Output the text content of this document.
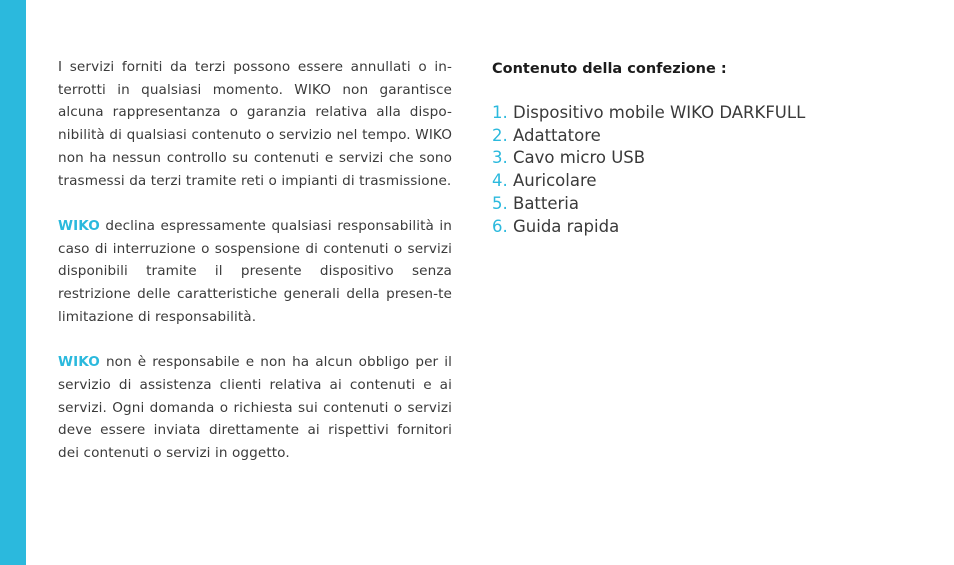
I servizi forniti da terzi possono essere annullati o in-terrotti in qualsiasi momento. WIKO non garantisce alcuna rappresentanza o garanzia relativa alla dispo-nibilità di qualsiasi contenuto o servizio nel tempo. WIKO non ha nessun controllo su contenuti e servizi che sono trasmessi da terzi tramite reti o impianti di trasmissione.

WIKO declina espressamente qualsiasi responsabilità in caso di interruzione o sospensione di contenuti o servizi disponibili tramite il presente dispositivo senza restrizione delle caratteristiche generali della presen-te limitazione di responsabilità.

WIKO non è responsabile e non ha alcun obbligo per il servizio di assistenza clienti relativa ai contenuti e ai servizi. Ogni domanda o richiesta sui contenuti o servizi deve essere inviata direttamente ai rispettivi fornitori dei contenuti o servizi in oggetto.

Contenuto della confezione :
1. Dispositivo mobile WIKO DARKFULL
2. Adattatore
3. Cavo micro USB
4. Auricolare
5. Batteria
6. Guida rapida
